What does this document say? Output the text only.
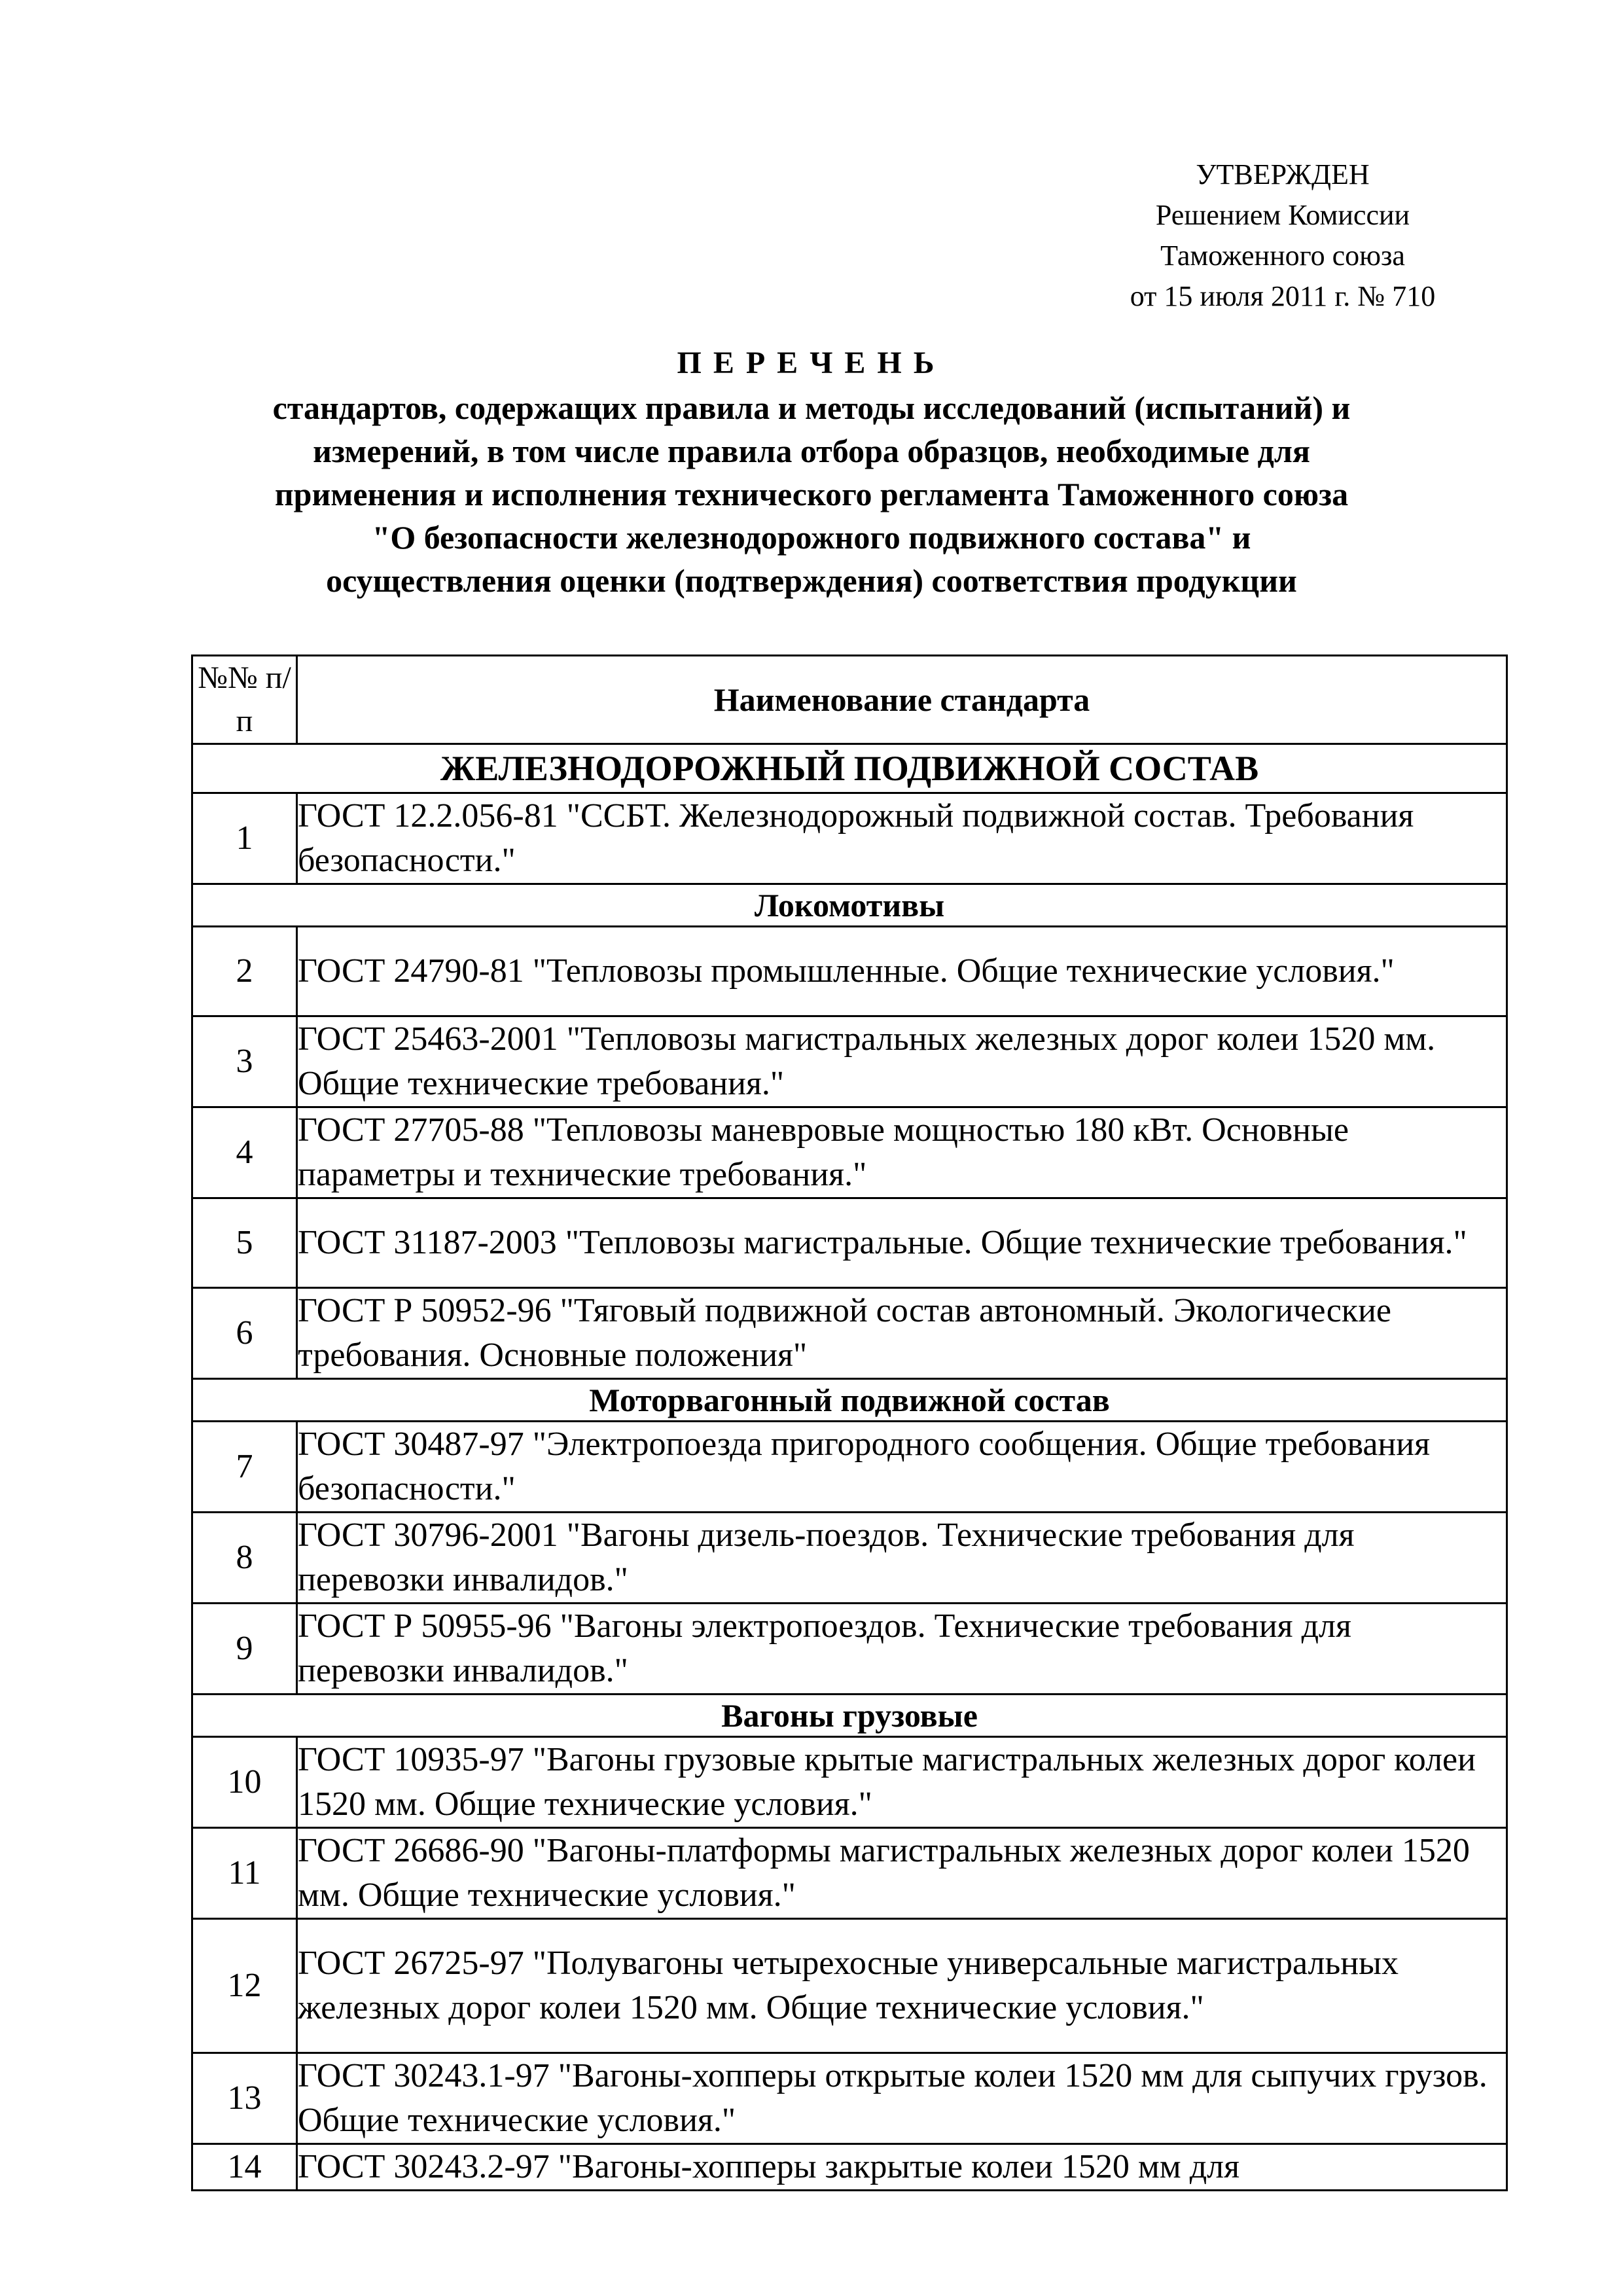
УТВЕРЖДЕН
Решением Комиссии
Таможенного союза
от 15 июля 2011 г. № 710
ПЕРЕЧЕНЬ
стандартов, содержащих правила и методы исследований (испытаний) и
измерений, в том числе правила отбора образцов, необходимые для
применения и исполнения технического регламента Таможенного союза
"О безопасности железнодорожного подвижного состава" и
осуществления оценки (подтверждения) соответствия продукции
№№ п/п	Наименование стандарта
ЖЕЛЕЗНОДОРОЖНЫЙ ПОДВИЖНОЙ СОСТАВ	
1	ГОСТ 12.2.056-81 "ССБТ. Железнодорожный подвижной состав. Требования безопасности."
Локомотивы	
2	ГОСТ 24790-81 "Тепловозы промышленные. Общие технические условия."
3	ГОСТ 25463-2001 "Тепловозы магистральных железных дорог колеи 1520 мм. Общие технические требования."
4	ГОСТ 27705-88 "Тепловозы маневровые мощностью 180 кВт. Основные параметры и технические требования."
5	ГОСТ 31187-2003 "Тепловозы магистральные. Общие технические требования."
6	ГОСТ Р 50952-96 "Тяговый подвижной состав автономный. Экологические требования. Основные положения"
Моторвагонный подвижной состав	
7	ГОСТ 30487-97 "Электропоезда пригородного сообщения. Общие требования безопасности."
8	ГОСТ 30796-2001 "Вагоны дизель-поездов. Технические требования для перевозки инвалидов."
9	ГОСТ Р 50955-96 "Вагоны электропоездов. Технические требования для перевозки инвалидов."
Вагоны грузовые	
10	ГОСТ 10935-97 "Вагоны грузовые крытые магистральных железных дорог колеи 1520 мм. Общие технические условия."
11	ГОСТ 26686-90 "Вагоны-платформы магистральных железных дорог колеи 1520 мм. Общие технические условия."
12	ГОСТ 26725-97 "Полувагоны четырехосные универсальные магистральных железных дорог колеи 1520 мм. Общие технические условия."
13	ГОСТ 30243.1-97 "Вагоны-хопперы открытые колеи 1520 мм для сыпучих грузов. Общие технические условия."
14	ГОСТ 30243.2-97 "Вагоны-хопперы закрытые колеи 1520 мм для
